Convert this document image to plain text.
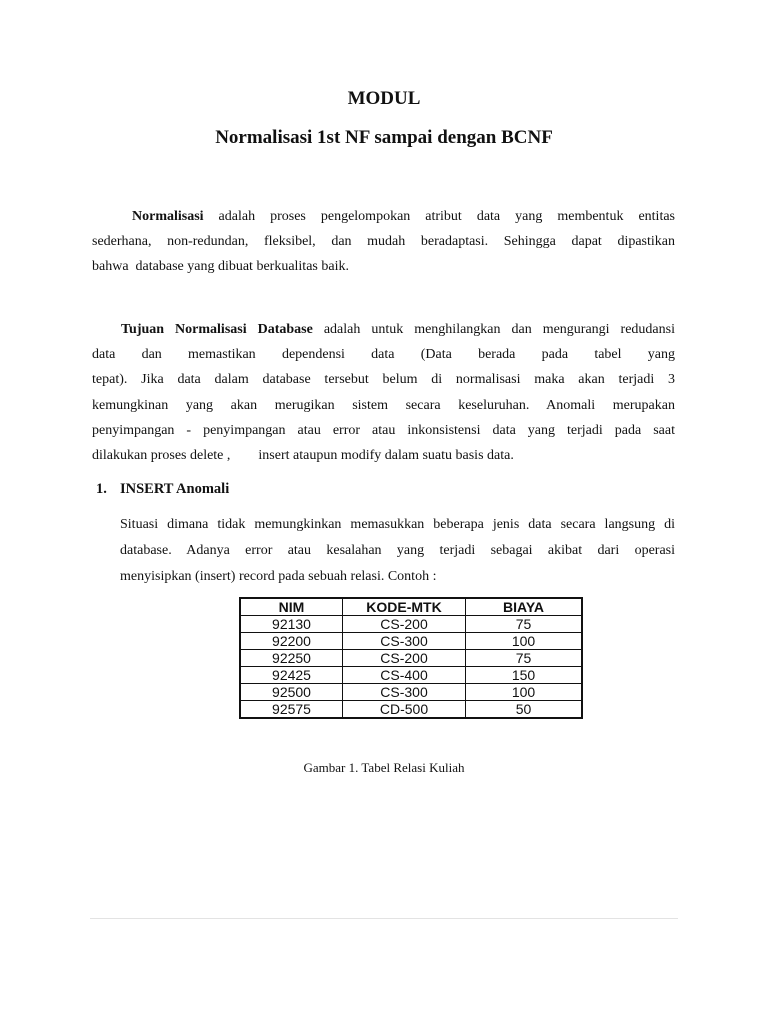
MODUL
Normalisasi 1st NF sampai dengan BCNF
Normalisasi adalah proses pengelompokan atribut data yang membentuk entitas
sederhana, non-redundan, fleksibel, dan mudah beradaptasi. Sehingga dapat dipastikan
bahwa  database yang dibuat berkualitas baik.
Tujuan Normalisasi Database adalah untuk menghilangkan dan mengurangi redudansi
data dan memastikan dependensi data (Data berada pada tabel yang
tepat). Jika data dalam database tersebut belum di normalisasi maka akan terjadi 3
kemungkinan yang akan merugikan sistem secara keseluruhan. Anomali merupakan
penyimpangan - penyimpangan atau error atau inkonsistensi data yang terjadi pada saat
dilakukan proses delete ,        insert ataupun modify dalam suatu basis data.
1. INSERT Anomali
Situasi dimana tidak memungkinkan memasukkan beberapa jenis data secara langsung di
database. Adanya error atau kesalahan yang terjadi sebagai akibat dari operasi
menyisipkan (insert) record pada sebuah relasi. Contoh :
NIM	KODE-MTK	BIAYA
92130	CS-200	75
92200	CS-300	100
92250	CS-200	75
92425	CS-400	150
92500	CS-300	100
92575	CD-500	50
Gambar 1. Tabel Relasi Kuliah
